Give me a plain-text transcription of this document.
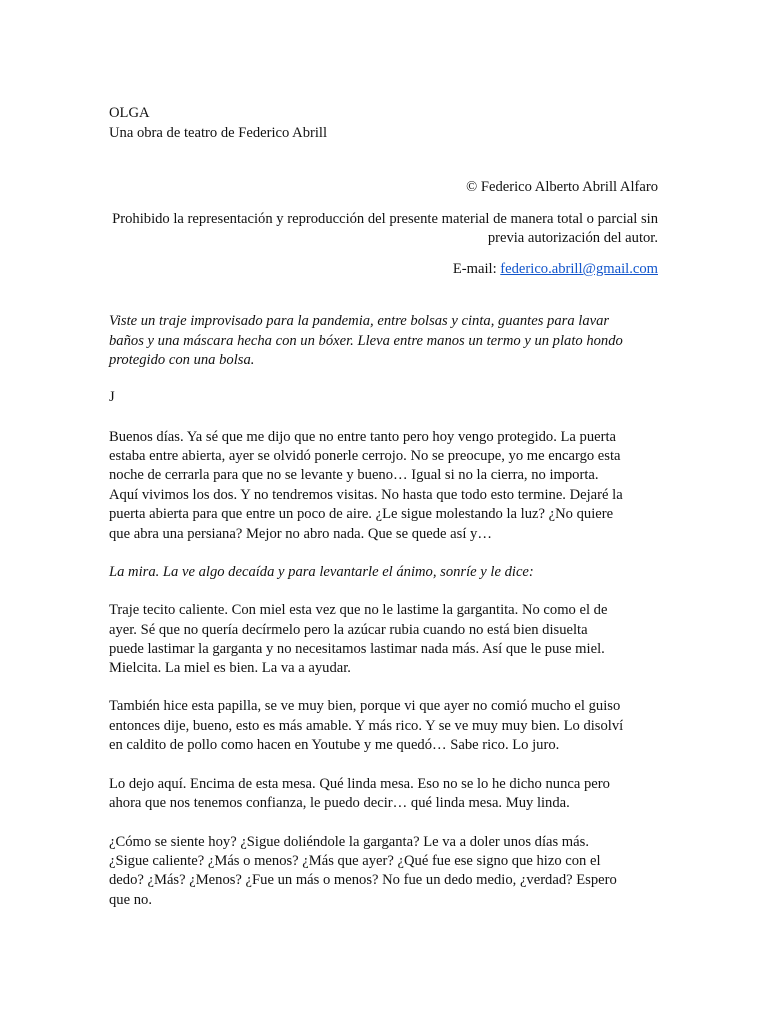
OLGA

Una obra de teatro de Federico Abrill

© Federico Alberto Abrill Alfaro

Prohibido la representación y reproducción del presente material de manera total o parcial sin

previa autorización del autor.

E-mail: federico.abrill@gmail.com

Viste un traje improvisado para la pandemia, entre bolsas y cinta, guantes para lavar

baños y una máscara hecha con un bóxer. Lleva entre manos un termo y un plato hondo

protegido con una bolsa.

J

Buenos días. Ya sé que me dijo que no entre tanto pero hoy vengo protegido. La puerta

estaba entre abierta, ayer se olvidó ponerle cerrojo. No se preocupe, yo me encargo esta

noche de cerrarla para que no se levante y bueno… Igual si no la cierra, no importa.

Aquí vivimos los dos. Y no tendremos visitas. No hasta que todo esto termine. Dejaré la

puerta abierta para que entre un poco de aire. ¿Le sigue molestando la luz? ¿No quiere

que abra una persiana? Mejor no abro nada. Que se quede así y…

La mira. La ve algo decaída y para levantarle el ánimo, sonríe y le dice:

Traje tecito caliente. Con miel esta vez que no le lastime la gargantita. No como el de

ayer. Sé que no quería decírmelo pero la azúcar rubia cuando no está bien disuelta

puede lastimar la garganta y no necesitamos lastimar nada más. Así que le puse miel.

Mielcita. La miel es bien. La va a ayudar.

También hice esta papilla, se ve muy bien, porque vi que ayer no comió mucho el guiso

entonces dije, bueno, esto es más amable. Y más rico. Y se ve muy muy bien. Lo disolví

en caldito de pollo como hacen en Youtube y me quedó… Sabe rico. Lo juro.

Lo dejo aquí. Encima de esta mesa. Qué linda mesa. Eso no se lo he dicho nunca pero

ahora que nos tenemos confianza, le puedo decir… qué linda mesa. Muy linda.

¿Cómo se siente hoy? ¿Sigue doliéndole la garganta? Le va a doler unos días más.

¿Sigue caliente? ¿Más o menos? ¿Más que ayer? ¿Qué fue ese signo que hizo con el

dedo? ¿Más? ¿Menos? ¿Fue un más o menos? No fue un dedo medio, ¿verdad? Espero

que no.
